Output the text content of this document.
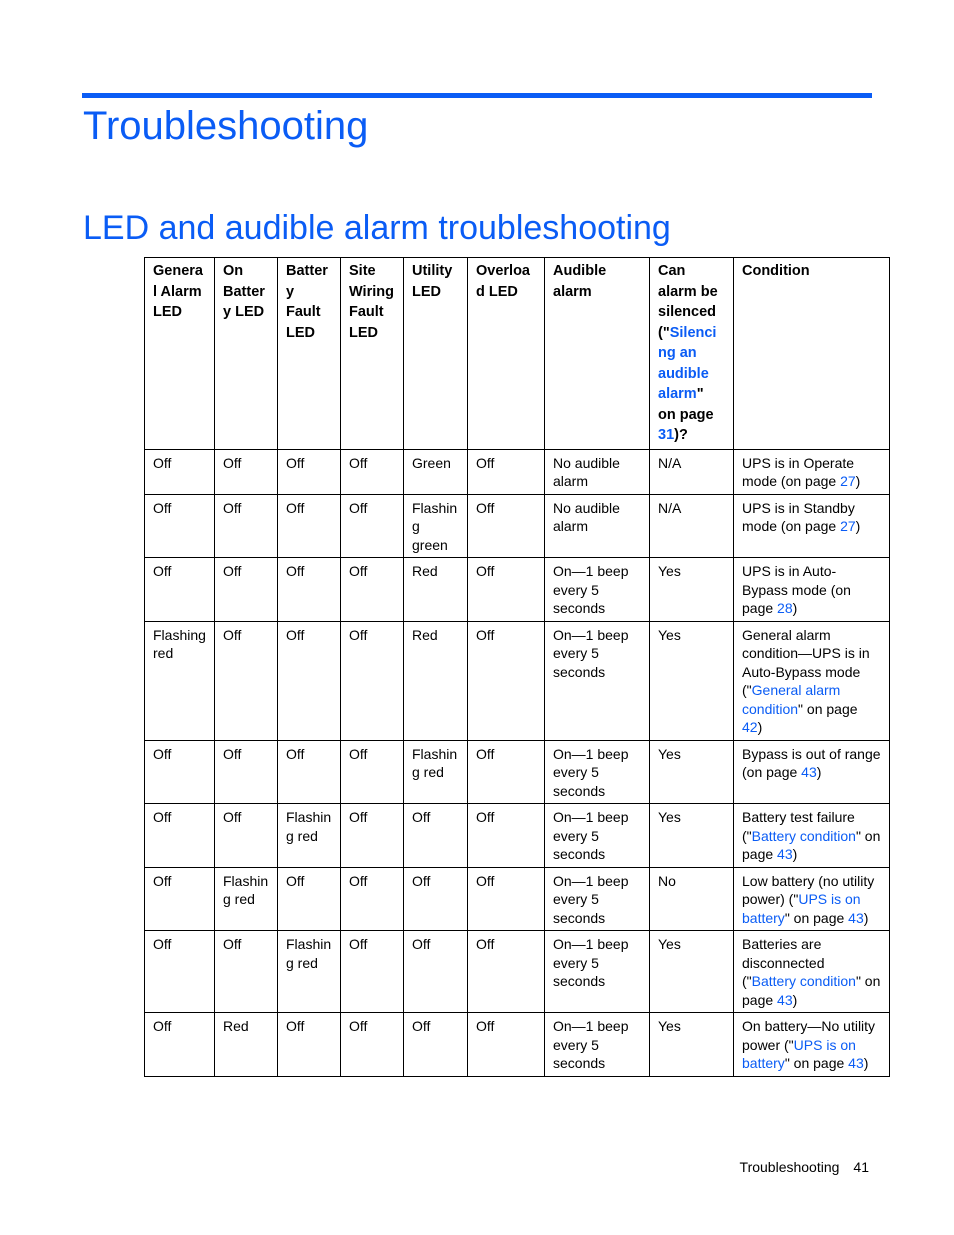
Troubleshooting
LED and audible alarm troubleshooting
General Alarm LED	On Battery LED	Battery Fault LED	Site Wiring Fault LED	Utility LED	Overload LED	Audible alarm	Can alarm be silenced ("Silencing an audible alarm" on page 31)?	Condition
Off	Off	Off	Off	Green	Off	No audible alarm	N/A	UPS is in Operate mode (on page 27)
Off	Off	Off	Off	Flashing green	Off	No audible alarm	N/A	UPS is in Standby mode (on page 27)
Off	Off	Off	Off	Red	Off	On—1 beep every 5 seconds	Yes	UPS is in Auto-Bypass mode (on page 28)
Flashing red	Off	Off	Off	Red	Off	On—1 beep every 5 seconds	Yes	General alarm condition—UPS is in Auto-Bypass mode ("General alarm condition" on page 42)
Off	Off	Off	Off	Flashing red	Off	On—1 beep every 5 seconds	Yes	Bypass is out of range (on page 43)
Off	Off	Flashing red	Off	Off	Off	On—1 beep every 5 seconds	Yes	Battery test failure ("Battery condition" on page 43)
Off	Flashing red	Off	Off	Off	Off	On—1 beep every 5 seconds	No	Low battery (no utility power) ("UPS is on battery" on page 43)
Off	Off	Flashing red	Off	Off	Off	On—1 beep every 5 seconds	Yes	Batteries are disconnected ("Battery condition" on page 43)
Off	Red	Off	Off	Off	Off	On—1 beep every 5 seconds	Yes	On battery—No utility power ("UPS is on battery" on page 43)
Troubleshooting 41
